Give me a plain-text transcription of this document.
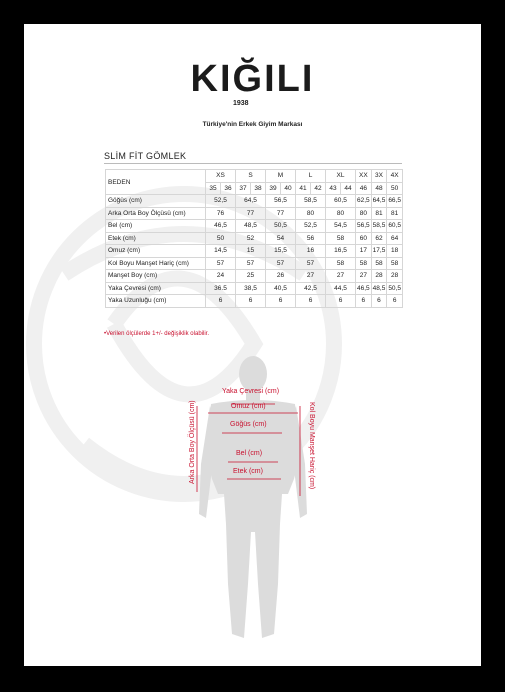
KIĞILI
1938
Türkiye'nin Erkek Giyim Markası
SLİM FİT GÖMLEK
BEDEN	XS		S		M		L		XL		XX	3X	4X
	35	36	37	38	39	40	41	42	43	44	46	48	50
Göğüs (cm)	52,5		64,5		56,5		58,5		60,5		62,5	64,5	66,5
Arka Orta Boy Ölçüsü (cm)	76		77		77		80		80		80	81	81
Bel (cm)	46,5		48,5		50,5		52,5		54,5		56,5	58,5	60,5
Etek (cm)	50		52		54		56		58		60	62	64
Omuz (cm)	14,5		15		15,5		16		16,5		17	17,5	18
Kol Boyu Manşet Hariç (cm)	57		57		57		57		58		58	58	58
Manşet Boy (cm)	24		25		26		27		27		27	28	28
Yaka Çevresi (cm)	36.5		38,5		40,5		42,5		44,5		46,5	48,5	50,5
Yaka Uzunluğu (cm)	6		6		6		6		6		6	6	6
•Verilen ölçülerde 1+/- değişiklik olabilir.
Yaka Çevresi (cm)
Omuz (cm)
Göğüs (cm)
Bel (cm)
Etek (cm)
Arka Orta Boy Ölçüsü (cm)	Kol Boyu Manşet Hariç (cm)
